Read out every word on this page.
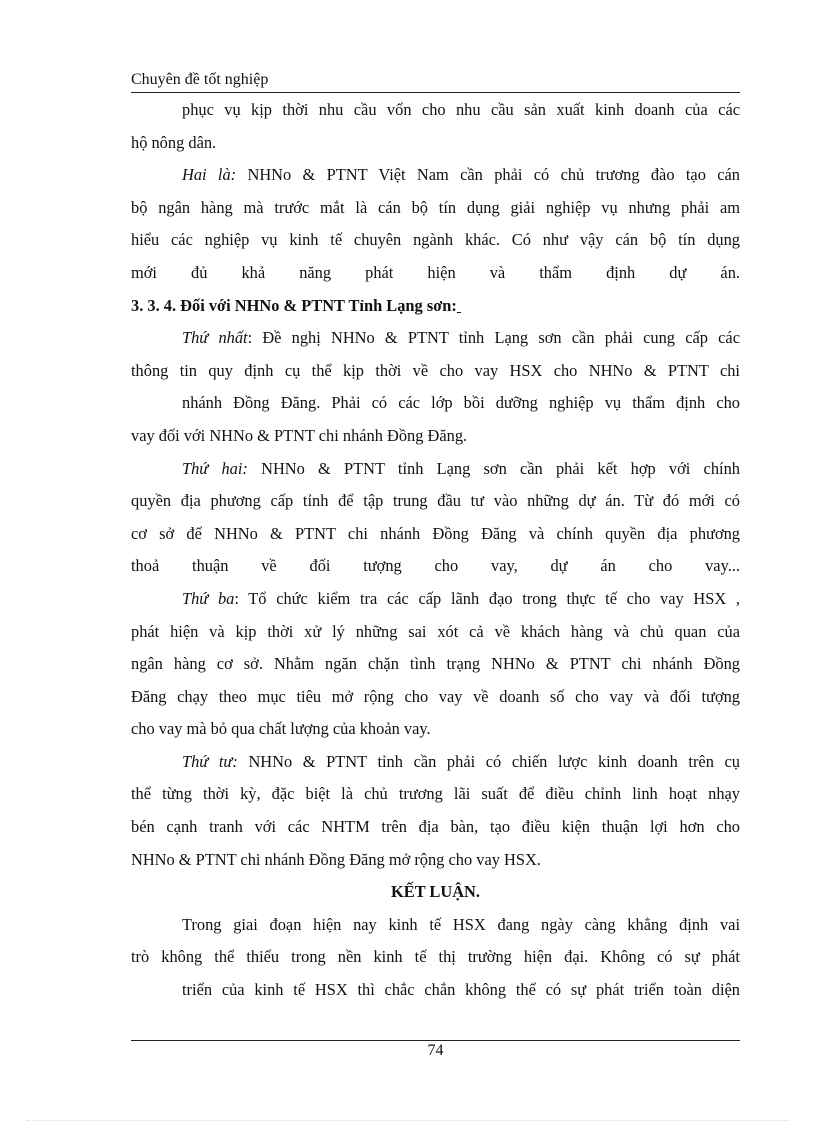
Chuyên đề tốt nghiệp

phục vụ kịp thời nhu cầu vốn cho nhu cầu sản xuất kinh doanh của các
hộ nông dân.

Hai là: NHNo & PTNT Việt Nam cần phải có chủ trương đào tạo cán
bộ ngân hàng mà trước mắt là cán bộ tín dụng giải nghiệp vụ nhưng phải am
hiểu các nghiệp vụ kinh tế chuyên ngành khác. Có như vậy cán bộ tín dụng
mới đủ khả năng phát hiện và thẩm định dự án.

3. 3. 4. Đối với NHNo & PTNT Tỉnh Lạng sơn:

Thứ nhất: Đề nghị NHNo & PTNT tỉnh Lạng sơn cần phải cung cấp các
thông tin quy định cụ thể kịp thời về cho vay HSX cho NHNo & PTNT chi
nhánh Đồng Đăng. Phải có các lớp bồi dưỡng nghiệp vụ thẩm định cho
vay đối với NHNo & PTNT chi nhánh Đồng Đăng.

Thứ hai: NHNo & PTNT tỉnh Lạng sơn cần phải kết hợp với chính
quyền địa phương cấp tỉnh để tập trung đầu tư vào những dự án. Từ đó mới có
cơ sở để NHNo & PTNT chi nhánh Đồng Đăng và chính quyền địa phương
thoả thuận về đối tượng cho vay, dự án cho vay...

Thứ ba: Tổ chức kiểm tra các cấp lãnh đạo trong thực tế cho vay HSX ,
phát hiện và kịp thời xử lý những sai xót cả về khách hàng và chủ quan của
ngân hàng cơ sở. Nhằm ngăn chặn tình trạng NHNo & PTNT chi nhánh Đồng
Đăng chạy theo mục tiêu mở rộng cho vay về doanh số cho vay và đối tượng
cho vay mà bỏ qua chất lượng của khoản vay.

Thứ tư: NHNo & PTNT tỉnh cần phải có chiến lược kinh doanh trên cụ
thể từng thời kỳ, đặc biệt là chủ trương lãi suất để điều chỉnh linh hoạt nhạy
bén cạnh tranh với các NHTM trên địa bàn, tạo điều kiện thuận lợi hơn cho
NHNo & PTNT chi nhánh Đồng Đăng mở rộng cho vay HSX.

KẾT LUẬN.

Trong giai đoạn hiện nay kinh tế HSX đang ngày càng khẳng định vai
trò không thể thiếu trong nền kinh tế thị trường hiện đại. Không có sự phát
triển của kinh tế HSX thì chắc chắn không thể có sự phát triển toàn diện

74
